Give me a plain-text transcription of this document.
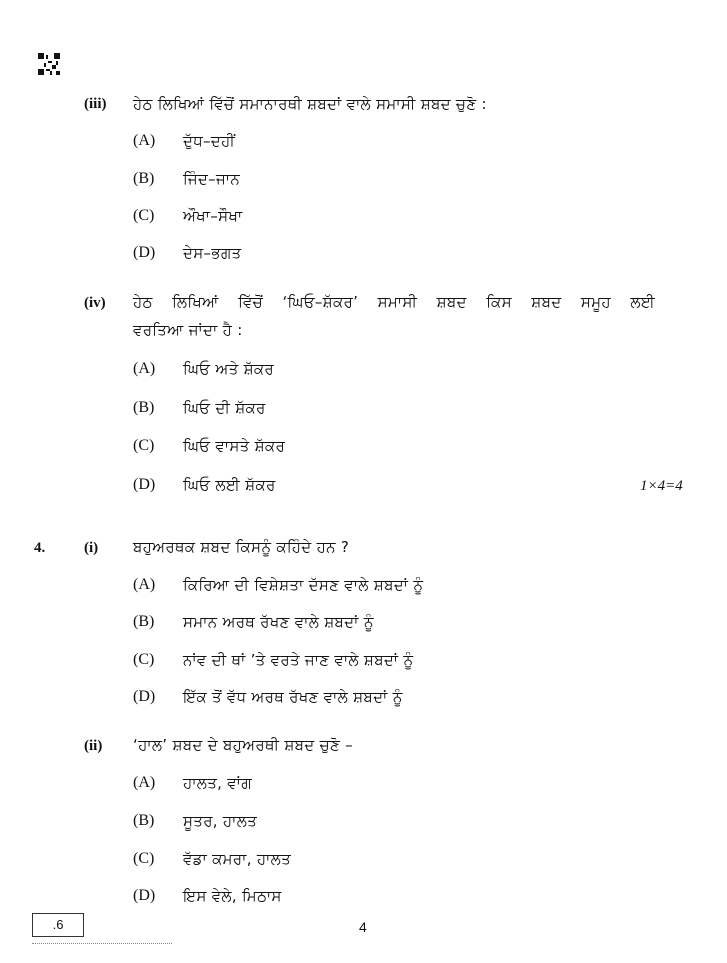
(iii) ਹੇਠ ਲਿਖਿਆਂ ਵਿੱਚੋਂ ਸਮਾਨਾਰਥੀ ਸ਼ਬਦਾਂ ਵਾਲੇ ਸਮਾਸੀ ਸ਼ਬਦ ਚੁਣੋ :
(A) ਦੁੱਧ–ਦਹੀਂ
(B) ਜਿੰਦ–ਜਾਨ
(C) ਔਖਾ–ਸੌਖਾ
(D) ਦੇਸ–ਭਗਤ
(iv) ਹੇਠ ਲਿਖਿਆਂ ਵਿੱਚੋਂ ‘ਘਿਓ–ਸ਼ੱਕਰ’ ਸਮਾਸੀ ਸ਼ਬਦ ਕਿਸ ਸ਼ਬਦ ਸਮੂਹ ਲਈ
ਵਰਤਿਆ ਜਾਂਦਾ ਹੈ :
(A) ਘਿਓ ਅਤੇ ਸ਼ੱਕਰ
(B) ਘਿਓ ਦੀ ਸ਼ੱਕਰ
(C) ਘਿਓ ਵਾਸਤੇ ਸ਼ੱਕਰ
(D) ਘਿਓ ਲਈ ਸ਼ੱਕਰ	1×4=4
4.	(i) ਬਹੁਅਰਥਕ ਸ਼ਬਦ ਕਿਸਨੂੰ ਕਹਿੰਦੇ ਹਨ ?
(A) ਕਿਰਿਆ ਦੀ ਵਿਸ਼ੇਸ਼ਤਾ ਦੱਸਣ ਵਾਲੇ ਸ਼ਬਦਾਂ ਨੂੰ
(B) ਸਮਾਨ ਅਰਥ ਰੱਖਣ ਵਾਲੇ ਸ਼ਬਦਾਂ ਨੂੰ
(C) ਨਾਂਵ ਦੀ ਥਾਂ ’ਤੇ ਵਰਤੇ ਜਾਣ ਵਾਲੇ ਸ਼ਬਦਾਂ ਨੂੰ
(D) ਇੱਕ ਤੋਂ ਵੱਧ ਅਰਥ ਰੱਖਣ ਵਾਲੇ ਸ਼ਬਦਾਂ ਨੂੰ
(ii) ‘ਹਾਲ’ ਸ਼ਬਦ ਦੇ ਬਹੁਅਰਥੀ ਸ਼ਬਦ ਚੁਣੋ –
(A) ਹਾਲਤ, ਵਾਂਗ
(B) ਸੂਤਰ, ਹਾਲਤ
(C) ਵੱਡਾ ਕਮਰਾ, ਹਾਲਤ
(D) ਇਸ ਵੇਲੇ, ਮਿਠਾਸ
.6	4
